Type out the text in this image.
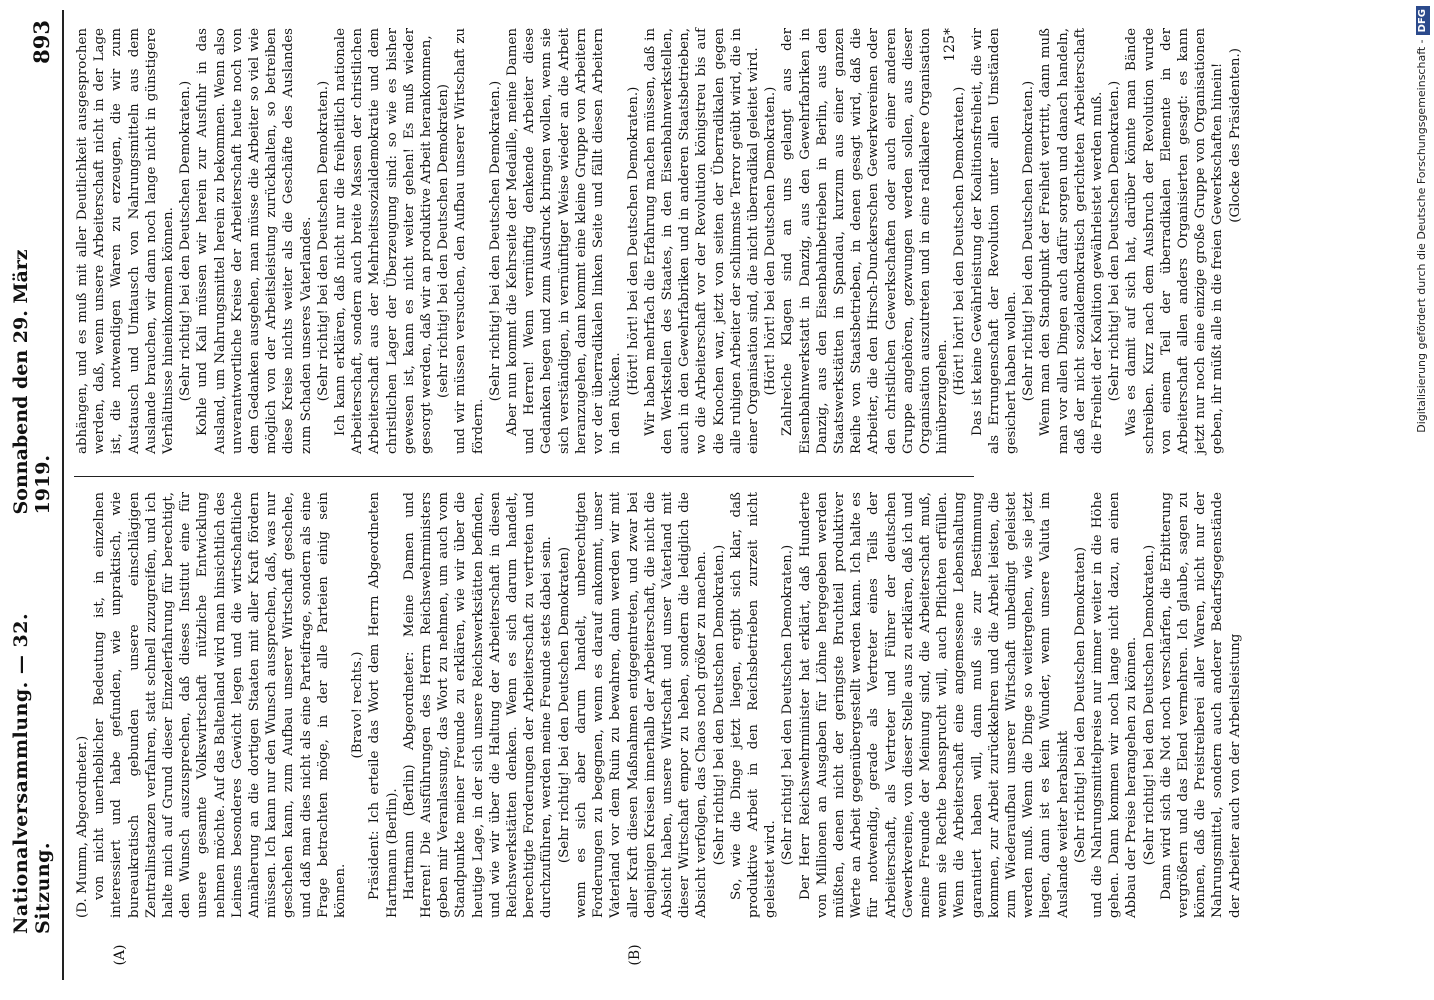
Nationalversammlung. — 32. Sitzung.
Sonnabend den 29. März 1919.
893
(A)	(B)

(D. Mumm, Abgeordneter.) von nicht unerheblicher Bedeutung ist, in einzelnen interessiert und habe gefunden, wie unpraktisch, wie bureaukratisch gebunden unsere einschlägigen Zentralinstanzen verfahren, statt schnell zuzugreifen, und ich halte mich auf Grund dieser Einzelerfahrung für berechtigt, den Wunsch auszusprechen, daß dieses Institut eine für unsere gesamte Volkswirtschaft nützliche Entwicklung nehmen möchte. Auf das Baltenland wird man hinsichtlich des Leinens besonderes Gewicht legen und die wirtschaftliche Annäherung an die dortigen Staaten mit aller Kraft fördern müssen. Ich kann nur den Wunsch aussprechen, daß, was nur geschehen kann, zum Aufbau unserer Wirtschaft geschehe, und daß man dies nicht als eine Parteifrage, sondern als eine Frage betrachten möge, in der alle Parteien einig sein können.

(Bravo! rechts.) Präsident: Ich erteile das Wort dem Herrn Abgeordneten Hartmann (Berlin). Hartmann (Berlin) Abgeordneter: Meine Damen und Herren! Die Ausführungen des Herrn Reichswehrministers geben mir Veranlassung, das Wort zu nehmen, um auch vom Standpunkte meiner Freunde zu erklären, wie wir über die heutige Lage, in der sich unsere Reichswerkstätten befinden, und wie wir über die Haltung der Arbeiterschaft in diesen Reichswerkstätten denken. Wenn es sich darum handelt, berechtigte Forderungen der Arbeiterschaft zu vertreten und durchzuführen, werden meine Freunde stets dabei sein. (Sehr richtig! bei den Deutschen Demokraten) wenn es sich aber darum handelt, unberechtigten Forderungen zu begegnen, wenn es darauf ankommt, unser Vaterland vor dem Ruin zu bewahren, dann werden wir mit aller Kraft diesen Maßnahmen entgegentreten, und zwar bei denjenigen Kreisen innerhalb der Arbeiterschaft, die nicht die Absicht haben, unsere Wirtschaft und unser Vaterland mit dieser Wirtschaft empor zu heben, sondern die lediglich die Absicht verfolgen, das Chaos noch größer zu machen. (Sehr richtig! bei den Deutschen Demokraten.) So, wie die Dinge jetzt liegen, ergibt sich klar, daß produktive Arbeit in den Reichsbetrieben zurzeit nicht geleistet wird.

(Sehr richtig! bei den Deutschen Demokraten.) Der Herr Reichswehrminister hat erklärt, daß Hunderte von Millionen an Ausgaben für Löhne hergegeben werden müßten, denen nicht der geringste Bruchteil produktiver Werte an Arbeit gegenübergestellt werden kann. Ich halte es für notwendig, gerade als Vertreter eines Teils der Arbeiterschaft, als Vertreter und Führer der deutschen Gewerkvereine, von dieser Stelle aus zu erklären, daß ich und meine Freunde der Meinung sind, die Arbeiterschaft muß, wenn sie Rechte beansprucht will, auch Pflichten erfüllen. Wenn die Arbeiterschaft eine angemessene Lebenshaltung garantiert haben will, dann muß sie zur Bestimmung kommen, zur Arbeit zurückkehren und die Arbeit leisten, die zum Wiederaufbau unserer Wirtschaft unbedingt geleistet werden muß. Wenn die Dinge so weitergehen, wie sie jetzt liegen, dann ist es kein Wunder, wenn unsere Valuta im Auslande weiter herabsinkt (Sehr richtig! bei den Deutschen Demokraten) und die Nahrungsmittelpreise nur immer weiter in die Höhe gehen. Dann kommen wir noch lange nicht dazu, an einen Abbau der Preise herangehen zu können. (Sehr richtig! bei den Deutschen Demokraten.) Dann wird sich die Not noch verschärfen, die Erbitterung vergrößern und das Elend vermehren. Ich glaube, sagen zu können, daß die Preistreiberei aller Waren, nicht nur der Nahrungsmittel, sondern auch anderer Bedarfsgegenstände der Arbeiter auch von der Arbeitsleistung

abhängen, und es muß mit aller Deutlichkeit ausgesprochen werden, daß, wenn unsere Arbeiterschaft nicht in der Lage ist, die notwendigen Waren zu erzeugen, die wir zum Austausch und Umtausch von Nahrungsmitteln aus dem Auslande brauchen, wir dann noch lange nicht in günstigere Verhältnisse hineinkommen können. (Sehr richtig! bei den Deutschen Demokraten.) Kohle und Kali müssen wir herein zur Ausfuhr in das Ausland, um Nahrungsmittel herein zu bekommen. Wenn also unverantwortliche Kreise der Arbeiterschaft heute noch von dem Gedanken ausgehen, man müsse die Arbeiter so viel wie möglich von der Arbeitsleistung zurückhalten, so betreiben diese Kreise nichts weiter als die Geschäfte des Auslandes zum Schaden unseres Vaterlandes. (Sehr richtig! bei den Deutschen Demokraten.) Ich kann erklären, daß nicht nur die freiheitlich nationale Arbeiterschaft, sondern auch breite Massen der christlichen Arbeiterschaft aus der Mehrheitssozialdemokratie und dem christlichen Lager der Überzeugung sind: so wie es bisher gewesen ist, kann es nicht weiter gehen! Es muß wieder gesorgt werden, daß wir an produktive Arbeit herankommen, (sehr richtig! bei den Deutschen Demokraten) und wir müssen versuchen, den Aufbau unserer Wirtschaft zu fördern.

(Sehr richtig! bei den Deutschen Demokraten.) Aber nun kommt die Kehrseite der Medaille, meine Damen und Herren! Wenn vernünftig denkende Arbeiter diese Gedanken hegen und zum Ausdruck bringen wollen, wenn sie sich verständigen, in vernünftiger Weise wieder an die Arbeit heranzugehen, dann kommt eine kleine Gruppe von Arbeitern vor der überradikalen linken Seite und fällt diesen Arbeitern in den Rücken.

(Hört! hört! bei den Deutschen Demokraten.) Wir haben mehrfach die Erfahrung machen müssen, daß in den Werkstellen des Staates, in den Eisenbahnwerkstellen, auch in den Gewehrfabriken und in anderen Staatsbetrieben, wo die Arbeiterschaft vor der Revolution königstreu bis auf die Knochen war, jetzt von seiten der Überradikalen gegen alle ruhigen Arbeiter der schlimmste Terror geübt wird, die in einer Organisation sind, die nicht überradikal geleitet wird. (Hört! hört! bei den Deutschen Demokraten.) Zahlreiche Klagen sind an uns gelangt aus der Eisenbahnwerkstatt in Danzig, aus den Gewehrfabriken in Danzig, aus den Eisenbahnbetrieben in Berlin, aus den Staatswerkstätten in Spandau, kurzum aus einer ganzen Reihe von Staatsbetrieben, in denen gesagt wird, daß die Arbeiter, die den Hirsch-Dunckerschen Gewerkvereinen oder den christlichen Gewerkschaften oder auch einer anderen Gruppe angehören, gezwungen werden sollen, aus dieser Organisation auszutreten und in eine radikalere Organisation hinüberzugehen.

(Hört! hört! bei den Deutschen Demokraten.) Das ist keine Gewährleistung der Koalitionsfreiheit, die wir als Errungenschaft der Revolution unter allen Umständen gesichert haben wollen. (Sehr richtig! bei den Deutschen Demokraten.) Wenn man den Standpunkt der Freiheit vertritt, dann muß man vor allen Dingen auch dafür sorgen und danach handeln, daß der nicht sozialdemokratisch gerichteten Arbeiterschaft die Freiheit der Koalition gewährleistet werden muß. (Sehr richtig! bei den Deutschen Demokraten.) Was es damit auf sich hat, darüber könnte man Bände schreiben. Kurz nach dem Ausbruch der Revolution wurde von einem Teil der überradikalen Elemente in der Arbeiterschaft allen anders Organisierten gesagt: es kann jetzt nur noch eine einzige große Gruppe von Organisationen geben, ihr müßt alle in die freien Gewerkschaften hinein! (Glocke des Präsidenten.)

125*	Digitalisierung gefördert durch die Deutsche Forschungsgemeinschaft -DFG
